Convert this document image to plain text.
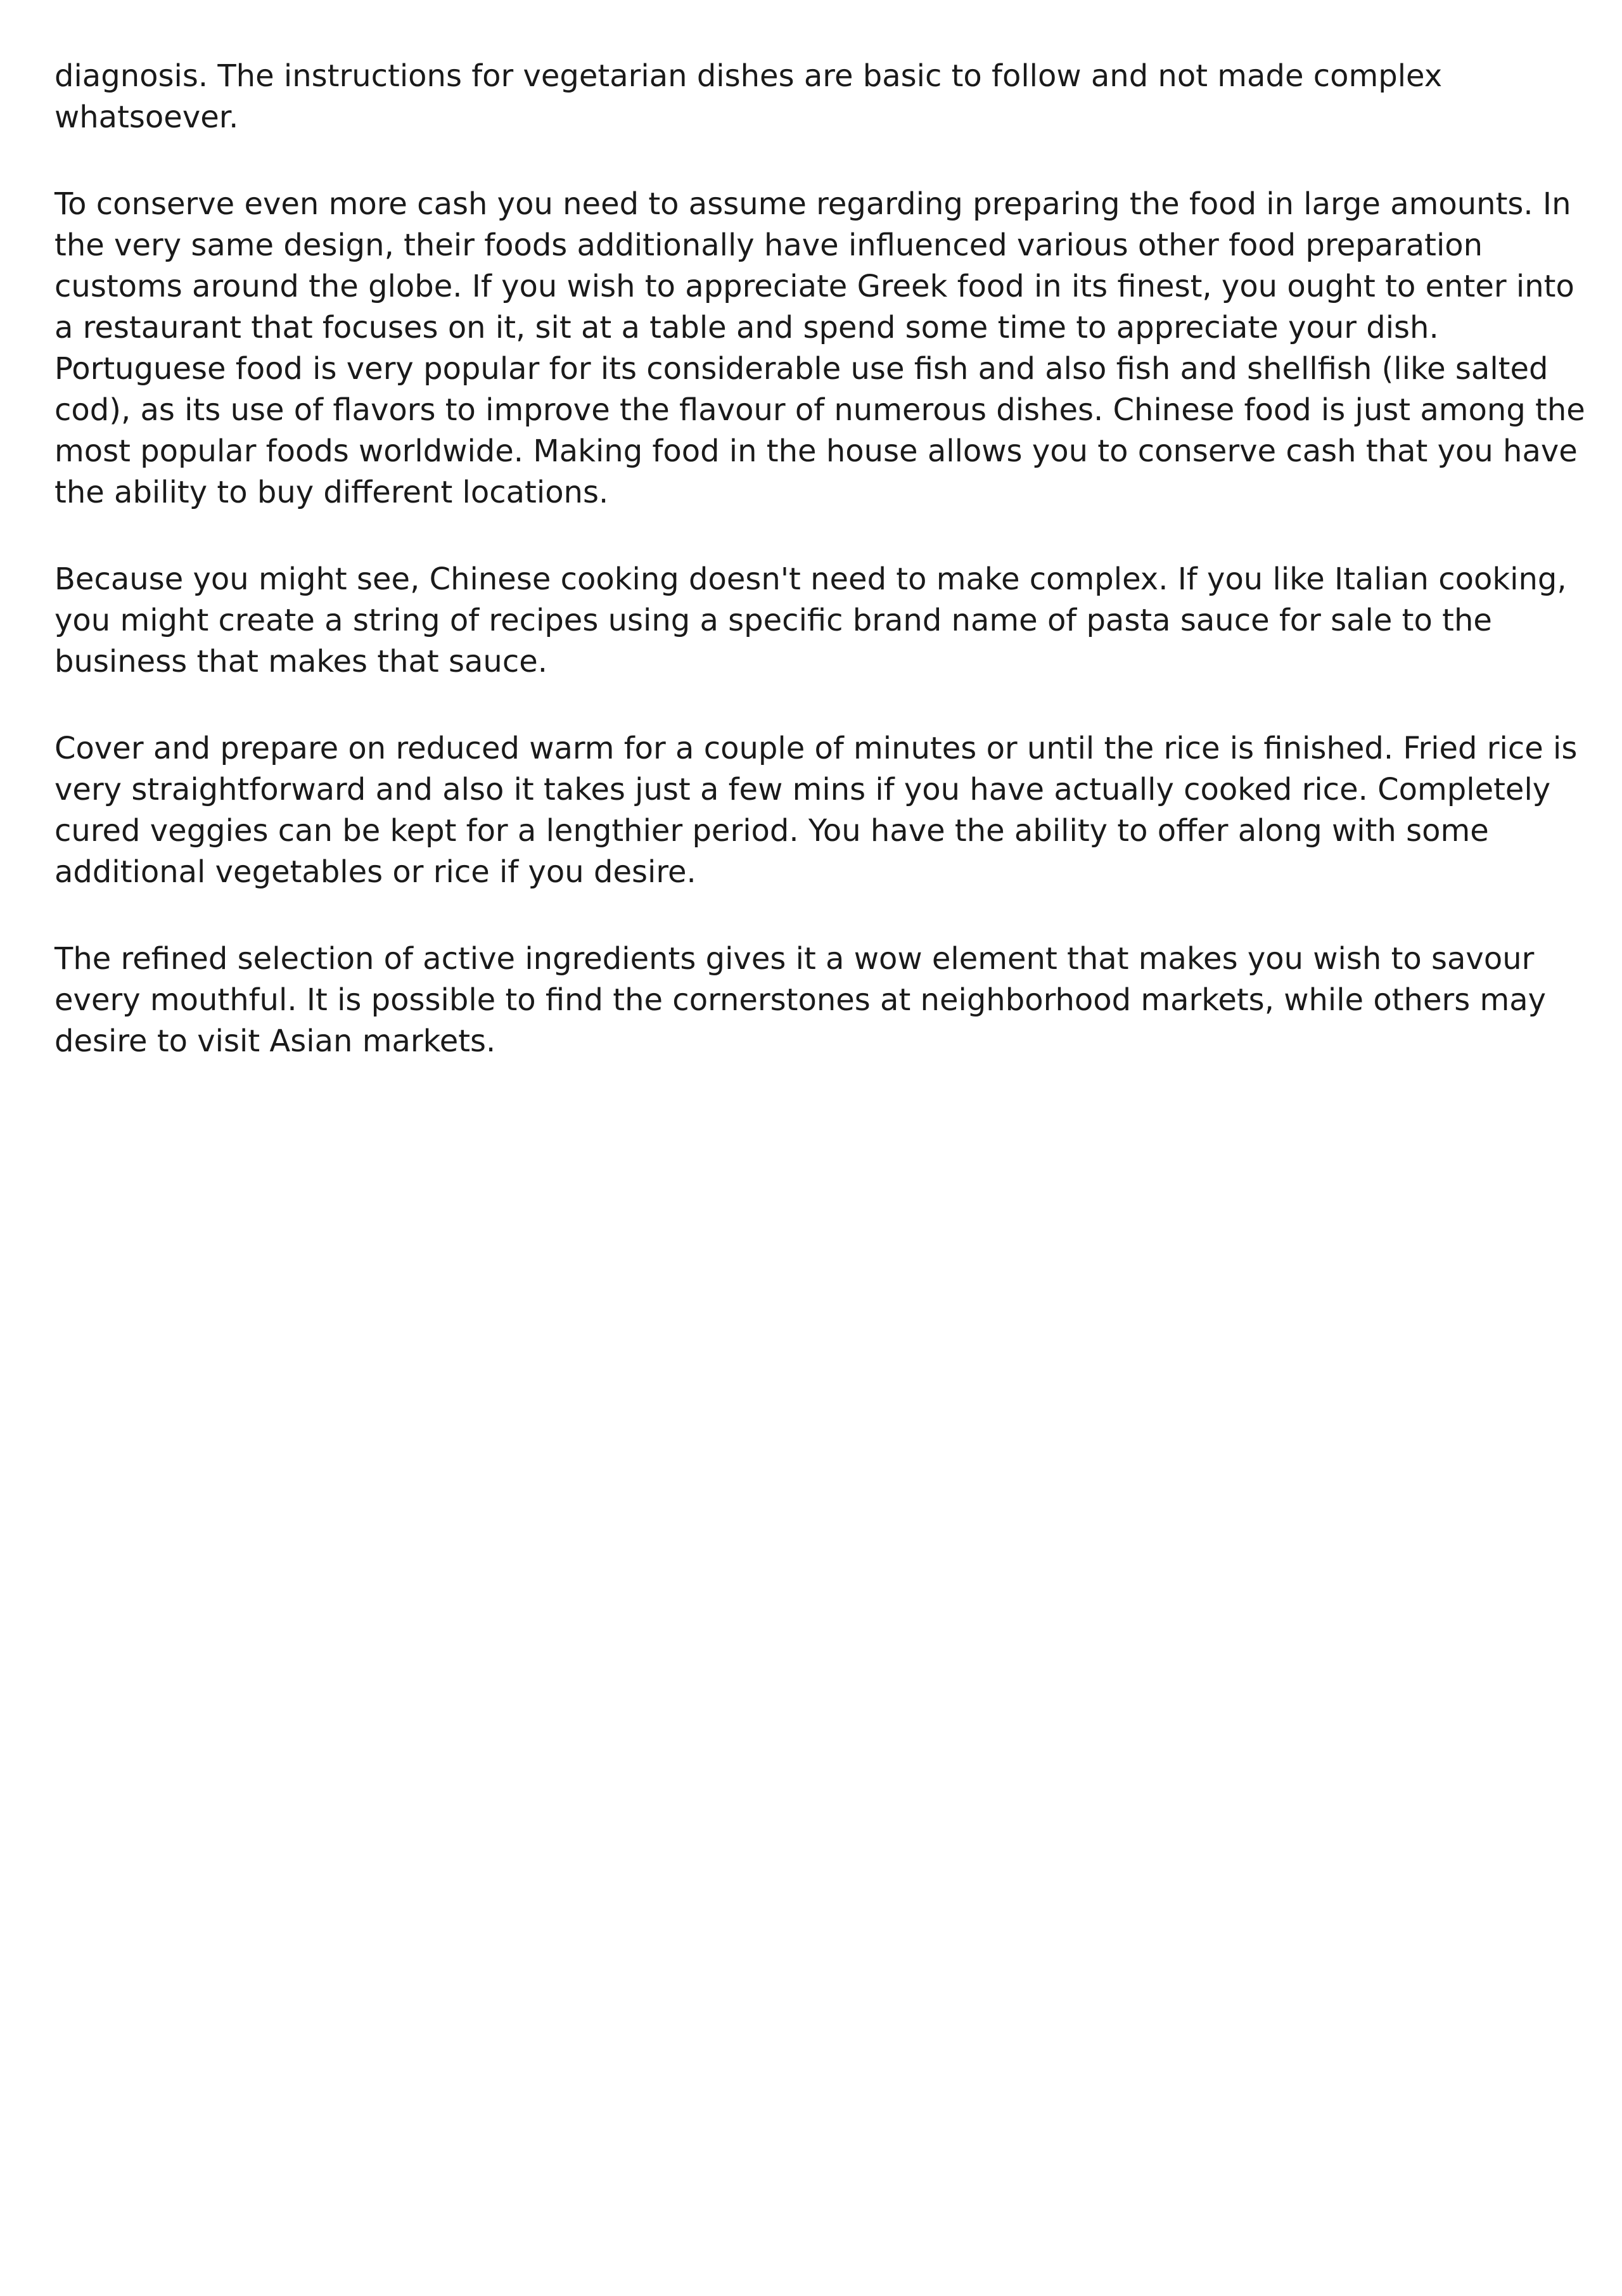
diagnosis. The instructions for vegetarian dishes are basic to follow and not made complex whatsoever.

To conserve even more cash you need to assume regarding preparing the food in large amounts. In the very same design, their foods additionally have influenced various other food preparation customs around the globe. If you wish to appreciate Greek food in its finest, you ought to enter into a restaurant that focuses on it, sit at a table and spend some time to appreciate your dish. Portuguese food is very popular for its considerable use fish and also fish and shellfish (like salted cod), as its use of flavors to improve the flavour of numerous dishes. Chinese food is just among the most popular foods worldwide. Making food in the house allows you to conserve cash that you have the ability to buy different locations.

Because you might see, Chinese cooking doesn't need to make complex. If you like Italian cooking, you might create a string of recipes using a specific brand name of pasta sauce for sale to the business that makes that sauce.

Cover and prepare on reduced warm for a couple of minutes or until the rice is finished. Fried rice is very straightforward and also it takes just a few mins if you have actually cooked rice. Completely cured veggies can be kept for a lengthier period. You have the ability to offer along with some additional vegetables or rice if you desire.

The refined selection of active ingredients gives it a wow element that makes you wish to savour every mouthful. It is possible to find the cornerstones at neighborhood markets, while others may desire to visit Asian markets.
